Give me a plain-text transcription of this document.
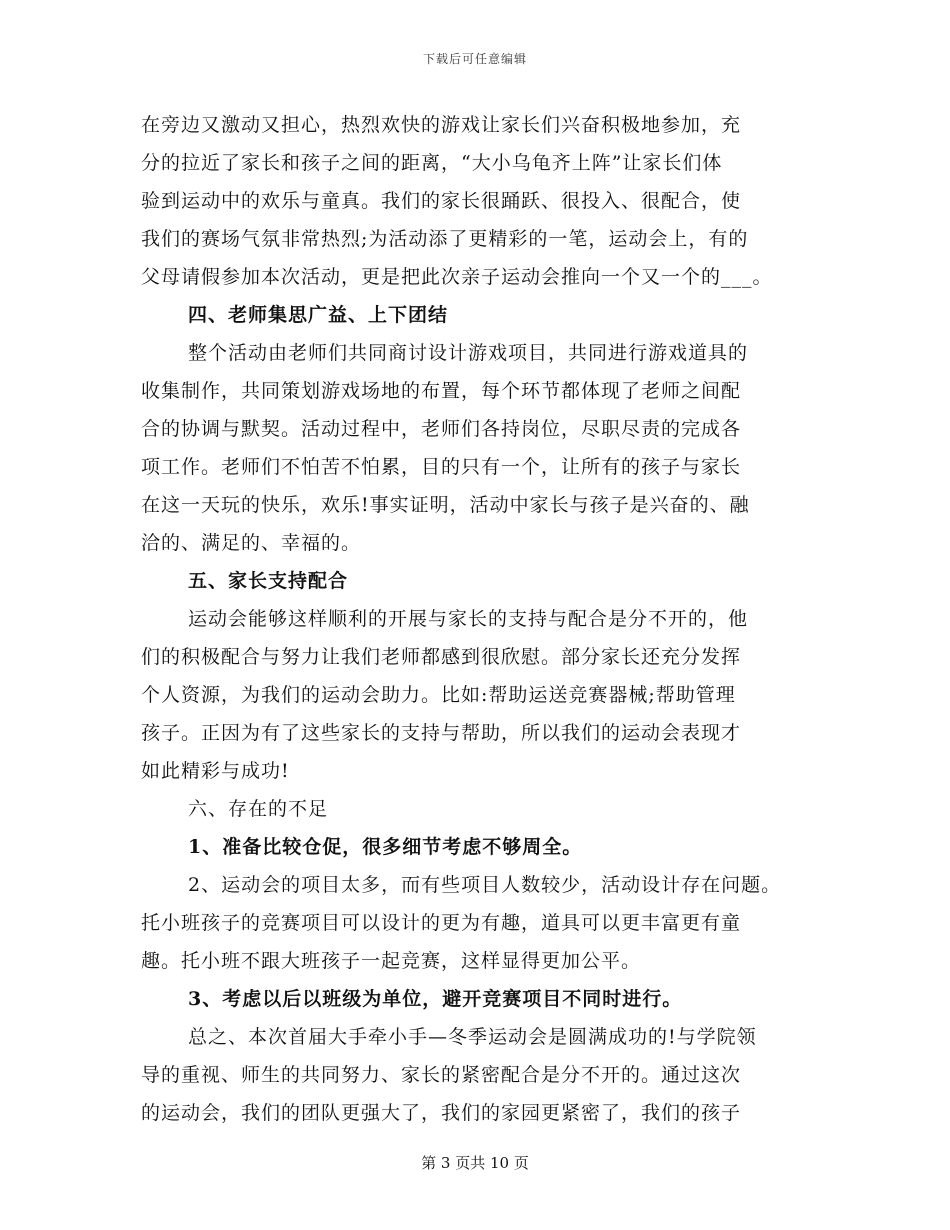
下载后可任意编辑
在旁边又激动又担心，热烈欢快的游戏让家长们兴奋积极地参加，充
分的拉近了家长和孩子之间的距离，“大小乌龟齐上阵”让家长们体
验到运动中的欢乐与童真。我们的家长很踊跃、很投入、很配合，使
我们的赛场气氛非常热烈;为活动添了更精彩的一笔，运动会上，有的
父母请假参加本次活动，更是把此次亲子运动会推向一个又一个的___。
四、老师集思广益、上下团结
整个活动由老师们共同商讨设计游戏项目，共同进行游戏道具的
收集制作，共同策划游戏场地的布置，每个环节都体现了老师之间配
合的协调与默契。活动过程中，老师们各持岗位，尽职尽责的完成各
项工作。老师们不怕苦不怕累，目的只有一个，让所有的孩子与家长
在这一天玩的快乐，欢乐!事实证明，活动中家长与孩子是兴奋的、融
洽的、满足的、幸福的。
五、家长支持配合
运动会能够这样顺利的开展与家长的支持与配合是分不开的，他
们的积极配合与努力让我们老师都感到很欣慰。部分家长还充分发挥
个人资源，为我们的运动会助力。比如:帮助运送竞赛器械;帮助管理
孩子。正因为有了这些家长的支持与帮助，所以我们的运动会表现才
如此精彩与成功!
六、存在的不足
1、准备比较仓促，很多细节考虑不够周全。
2、运动会的项目太多，而有些项目人数较少，活动设计存在问题。
托小班孩子的竞赛项目可以设计的更为有趣，道具可以更丰富更有童
趣。托小班不跟大班孩子一起竞赛，这样显得更加公平。
3、考虑以后以班级为单位，避开竞赛项目不同时进行。
总之、本次首届大手牵小手—冬季运动会是圆满成功的!与学院领
导的重视、师生的共同努力、家长的紧密配合是分不开的。通过这次
的运动会，我们的团队更强大了，我们的家园更紧密了，我们的孩子
第 3 页共 10 页
